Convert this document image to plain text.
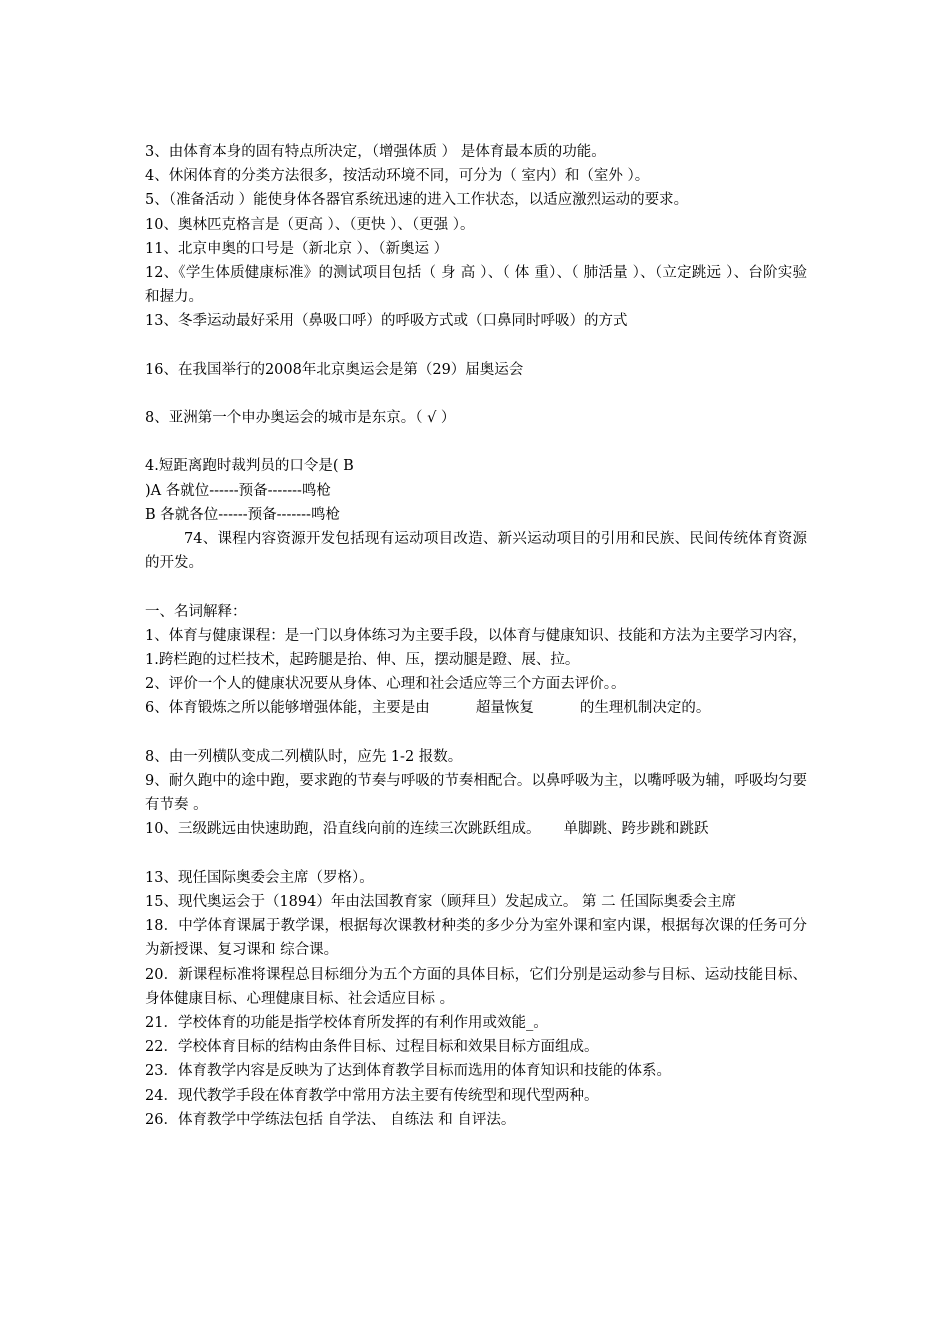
3、由体育本身的固有特点所决定，（增强体质 ） 是体育最本质的功能。
4、休闲体育的分类方法很多，按活动环境不同，可分为（ 室内）和（室外 ）。
5、（准备活动 ）能使身体各器官系统迅速的进入工作状态，以适应激烈运动的要求。
10、奥林匹克格言是（更高 ）、（更快 ）、（更强 ）。
11、北京申奥的口号是（新北京 ）、（新奥运 ）
12、《学生体质健康标准》的测试项目包括（ 身 高 ）、（ 体 重）、（ 肺活量 ）、（立定跳远 ）、台阶实验和握力。
13、冬季运动最好采用（鼻吸口呼）的呼吸方式或（口鼻同时呼吸）的方式
16、在我国举行的2008年北京奥运会是第（29）届奥运会
8、亚洲第一个申办奥运会的城市是东京。（ √ ）
4.短距离跑时裁判员的口令是( B
)A 各就位------预备-------鸣枪
B 各就各位------预备-------鸣枪
74、课程内容资源开发包括现有运动项目改造、新兴运动项目的引用和民族、民间传统体育资源的开发。
一、名词解释：
1、体育与健康课程：是一门以身体练习为主要手段，以体育与健康知识、技能和方法为主要学习内容，
1.跨栏跑的过栏技术，起跨腿是抬、伸、压，摆动腿是蹬、展、拉。
2、评价一个人的健康状况要从身体、心理和社会适应等三个方面去评价。。
6、体育锻炼之所以能够增强体能，主要是由          超量恢复          的生理机制决定的。
8、由一列横队变成二列横队时，应先 1-2 报数。
9、耐久跑中的途中跑，要求跑的节奏与呼吸的节奏相配合。以鼻呼吸为主，以嘴呼吸为辅，呼吸均匀要有节奏 。
10、三级跳远由快速助跑，沿直线向前的连续三次跳跃组成。     单脚跳、跨步跳和跳跃
13、现任国际奥委会主席（罗格）。
15、现代奥运会于（1894）年由法国教育家（顾拜旦）发起成立。 第 二 任国际奥委会主席
18．中学体育课属于教学课，根据每次课教材种类的多少分为室外课和室内课，根据每次课的任务可分为新授课、复习课和 综合课。
20．新课程标准将课程总目标细分为五个方面的具体目标，它们分别是运动参与目标、运动技能目标、身体健康目标、心理健康目标、社会适应目标 。
21．学校体育的功能是指学校体育所发挥的有利作用或效能_。
22．学校体育目标的结构由条件目标、过程目标和效果目标方面组成。
23．体育教学内容是反映为了达到体育教学目标而选用的体育知识和技能的体系。
24．现代教学手段在体育教学中常用方法主要有传统型和现代型两种。
26．体育教学中学练法包括 自学法、 自练法 和 自评法。
